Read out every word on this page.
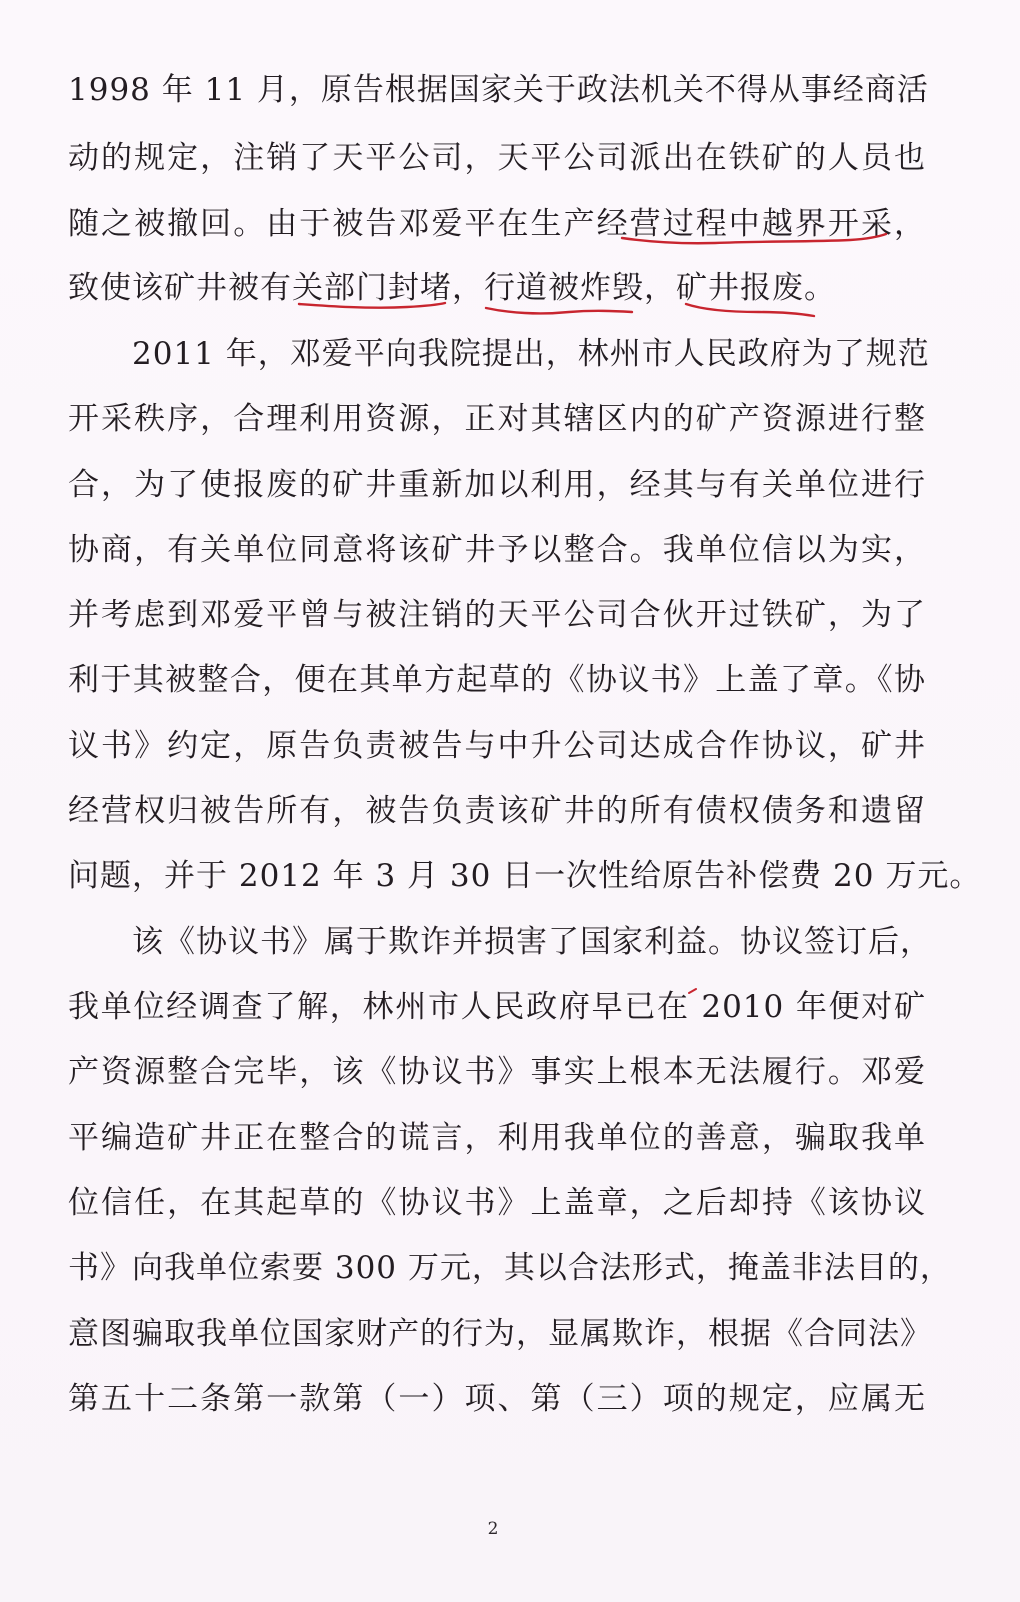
1998 年 11 月，原告根据国家关于政法机关不得从事经商活
动的规定，注销了天平公司，天平公司派出在铁矿的人员也
随之被撤回。由于被告邓爱平在生产经营过程中越界开采，
致使该矿井被有关部门封堵，行道被炸毁，矿井报废。
2011 年，邓爱平向我院提出，林州市人民政府为了规范
开采秩序，合理利用资源，正对其辖区内的矿产资源进行整
合，为了使报废的矿井重新加以利用，经其与有关单位进行
协商，有关单位同意将该矿井予以整合。我单位信以为实，
并考虑到邓爱平曾与被注销的天平公司合伙开过铁矿，为了
利于其被整合，便在其单方起草的《协议书》上盖了章。《协
议书》约定，原告负责被告与中升公司达成合作协议，矿井
经营权归被告所有，被告负责该矿井的所有债权债务和遗留
问题，并于 2012 年 3 月 30 日一次性给原告补偿费 20 万元。
该《协议书》属于欺诈并损害了国家利益。协议签订后，
我单位经调查了解，林州市人民政府早已在 2010 年便对矿
产资源整合完毕，该《协议书》事实上根本无法履行。邓爱
平编造矿井正在整合的谎言，利用我单位的善意，骗取我单
位信任，在其起草的《协议书》上盖章，之后却持《该协议
书》向我单位索要 300 万元，其以合法形式，掩盖非法目的，
意图骗取我单位国家财产的行为，显属欺诈，根据《合同法》
第五十二条第一款第（一）项、第（三）项的规定，应属无
2
